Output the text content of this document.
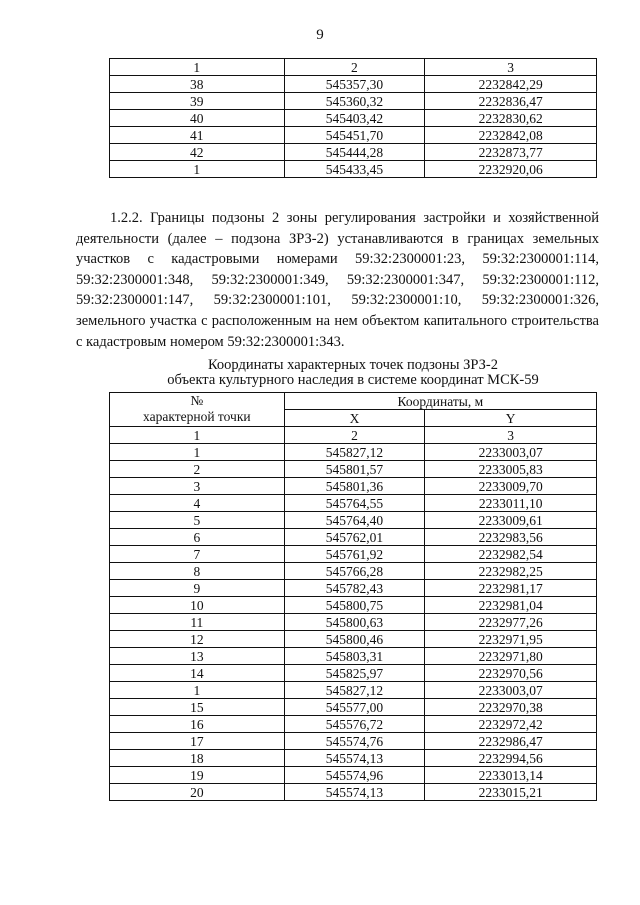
9
1	2	3
38	545357,30	2232842,29
39	545360,32	2232836,47
40	545403,42	2232830,62
41	545451,70	2232842,08
42	545444,28	2232873,77
1	545433,45	2232920,06

1.2.2. Границы подзоны 2 зоны регулирования застройки и хозяйственной деятельности (далее – подзона ЗРЗ-2) устанавливаются в границах земельных участков с кадастровыми номерами 59:32:2300001:23, 59:32:2300001:114, 59:32:2300001:348, 59:32:2300001:349, 59:32:2300001:347, 59:32:2300001:112, 59:32:2300001:147, 59:32:2300001:101, 59:32:2300001:10, 59:32:2300001:326, земельного участка с расположенным на нем объектом капитального строительства с кадастровым номером 59:32:2300001:343.

Координаты характерных точек подзоны ЗРЗ-2
объекта культурного наследия в системе координат МСК-59
№
характерной точки	Координаты, м	
	X	Y
1	2	3
1	545827,12	2233003,07
2	545801,57	2233005,83
3	545801,36	2233009,70
4	545764,55	2233011,10
5	545764,40	2233009,61
6	545762,01	2232983,56
7	545761,92	2232982,54
8	545766,28	2232982,25
9	545782,43	2232981,17
10	545800,75	2232981,04
11	545800,63	2232977,26
12	545800,46	2232971,95
13	545803,31	2232971,80
14	545825,97	2232970,56
1	545827,12	2233003,07
15	545577,00	2232970,38
16	545576,72	2232972,42
17	545574,76	2232986,47
18	545574,13	2232994,56
19	545574,96	2233013,14
20	545574,13	2233015,21
